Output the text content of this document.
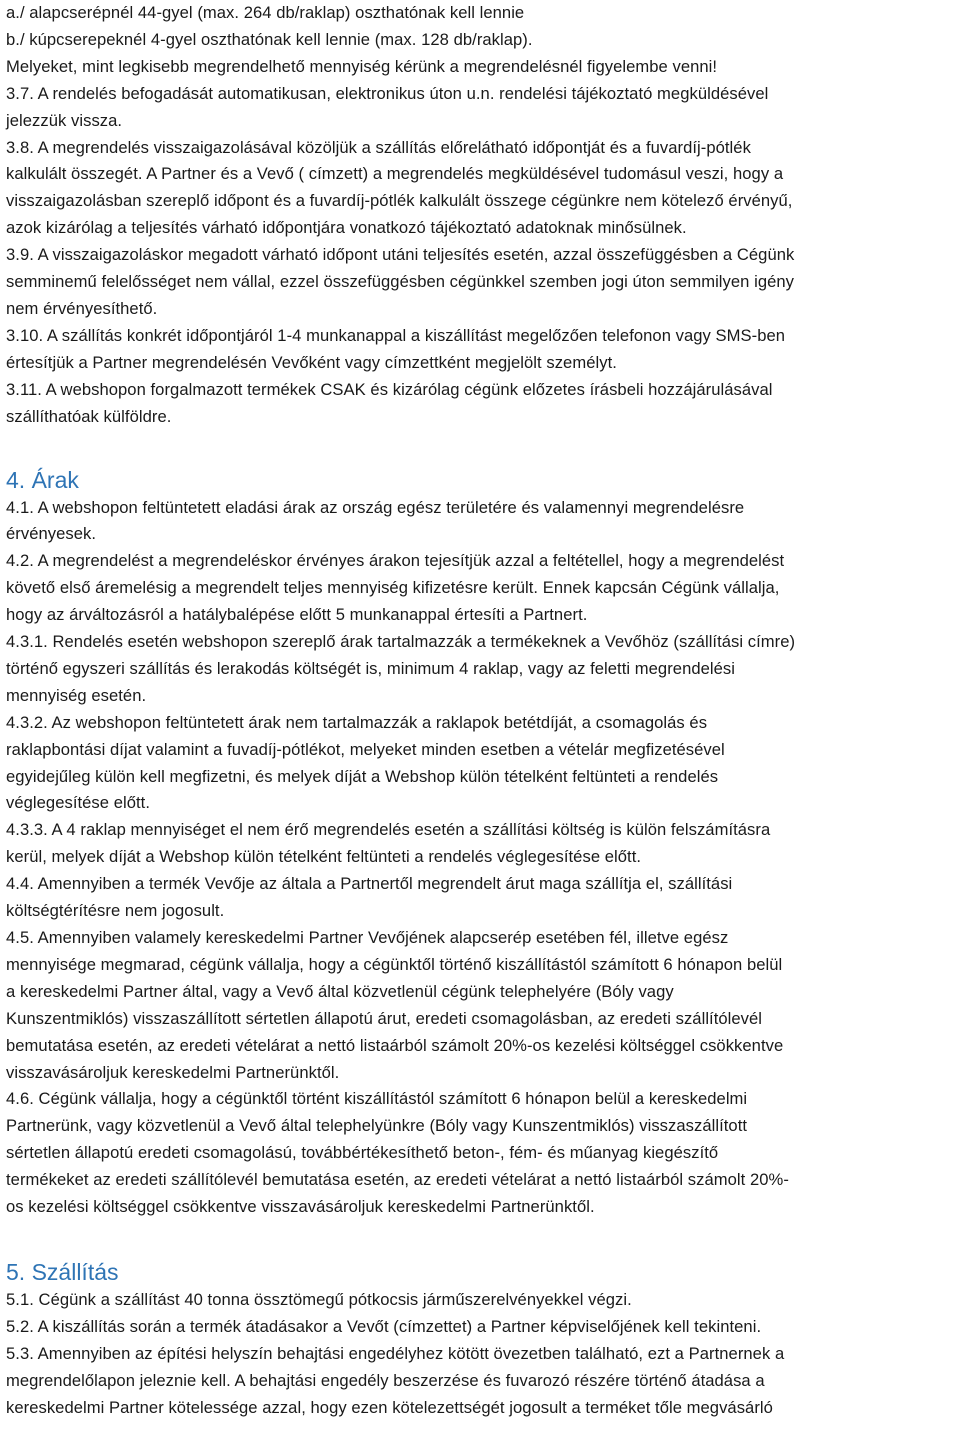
a./ alapcserépnél 44-gyel (max. 264 db/raklap) oszthatónak kell lennie

b./ kúpcserepeknél 4-gyel oszthatónak kell lennie (max. 128 db/raklap).

Melyeket, mint legkisebb megrendelhető mennyiség kérünk a megrendelésnél figyelembe venni!

3.7. A rendelés befogadását automatikusan, elektronikus úton u.n. rendelési tájékoztató megküldésével
jelezzük vissza.

3.8. A megrendelés visszaigazolásával közöljük a szállítás előrelátható időpontját és a fuvardíj-pótlék
kalkulált összegét. A Partner és a Vevő ( címzett) a megrendelés megküldésével tudomásul veszi, hogy a
visszaigazolásban szereplő időpont és a fuvardíj-pótlék kalkulált összege cégünkre nem kötelező érvényű,
azok kizárólag a teljesítés várható időpontjára vonatkozó tájékoztató adatoknak minősülnek.

3.9. A visszaigazoláskor megadott várható időpont utáni teljesítés esetén, azzal összefüggésben a Cégünk
semminemű felelősséget nem vállal, ezzel összefüggésben cégünkkel szemben jogi úton semmilyen igény
nem érvényesíthető.

3.10. A szállítás konkrét időpontjáról 1-4 munkanappal a kiszállítást megelőzően telefonon vagy SMS-ben
értesítjük a Partner megrendelésén Vevőként vagy címzettként megjelölt személyt.

3.11. A webshopon forgalmazott termékek CSAK és kizárólag cégünk előzetes írásbeli hozzájárulásával
szállíthatóak külföldre.

4. Árak

4.1. A webshopon feltüntetett eladási árak az ország egész területére és valamennyi megrendelésre
érvényesek.

4.2. A megrendelést a megrendeléskor érvényes árakon tejesítjük azzal a feltétellel, hogy a megrendelést
követő első áremelésig a megrendelt teljes mennyiség kifizetésre került. Ennek kapcsán Cégünk vállalja,
hogy az árváltozásról a hatálybalépése előtt 5 munkanappal értesíti a Partnert.

4.3.1. Rendelés esetén webshopon szereplő árak tartalmazzák a termékeknek a Vevőhöz (szállítási címre)
történő egyszeri szállítás és lerakodás költségét is, minimum 4 raklap, vagy az feletti megrendelési
mennyiség esetén.

4.3.2. Az webshopon feltüntetett árak nem tartalmazzák a raklapok betétdíját, a csomagolás és
raklapbontási díjat valamint a fuvadíj-pótlékot, melyeket minden esetben a vételár megfizetésével
egyidejűleg külön kell megfizetni, és melyek díját a Webshop külön tételként feltünteti a rendelés
véglegesítése előtt.

4.3.3. A 4 raklap mennyiséget el nem érő megrendelés esetén a szállítási költség is külön felszámításra
kerül, melyek díját a Webshop külön tételként feltünteti a rendelés véglegesítése előtt.

4.4. Amennyiben a termék Vevője az általa a Partnertől megrendelt árut maga szállítja el, szállítási
költségtérítésre nem jogosult.

4.5. Amennyiben valamely kereskedelmi Partner Vevőjének alapcserép esetében fél, illetve egész
mennyisége megmarad, cégünk vállalja, hogy a cégünktől történő kiszállítástól számított 6 hónapon belül
a kereskedelmi Partner által, vagy a Vevő által közvetlenül cégünk telephelyére (Bóly vagy
Kunszentmiklós) visszaszállított sértetlen állapotú árut, eredeti csomagolásban, az eredeti szállítólevél
bemutatása esetén, az eredeti vételárat a nettó listaárból számolt 20%-os kezelési költséggel csökkentve
visszavásároljuk kereskedelmi Partnerünktől.

4.6. Cégünk vállalja, hogy a cégünktől történt kiszállítástól számított 6 hónapon belül a kereskedelmi
Partnerünk, vagy közvetlenül a Vevő által telephelyünkre (Bóly vagy Kunszentmiklós) visszaszállított
sértetlen állapotú eredeti csomagolású, továbbértékesíthető beton-, fém- és műanyag kiegészítő
termékeket az eredeti szállítólevél bemutatása esetén, az eredeti vételárat a nettó listaárból számolt 20%-
os kezelési költséggel csökkentve visszavásároljuk kereskedelmi Partnerünktől.

5. Szállítás

5.1. Cégünk a szállítást 40 tonna össztömegű pótkocsis járműszerelvényekkel végzi.

5.2. A kiszállítás során a termék átadásakor a Vevőt (címzettet) a Partner képviselőjének kell tekinteni.

5.3. Amennyiben az építési helyszín behajtási engedélyhez kötött övezetben található, ezt a Partnernek a
megrendelőlapon jeleznie kell. A behajtási engedély beszerzése és fuvarozó részére történő átadása a
kereskedelmi Partner kötelessége azzal, hogy ezen kötelezettségét jogosult a terméket tőle megvásárló
